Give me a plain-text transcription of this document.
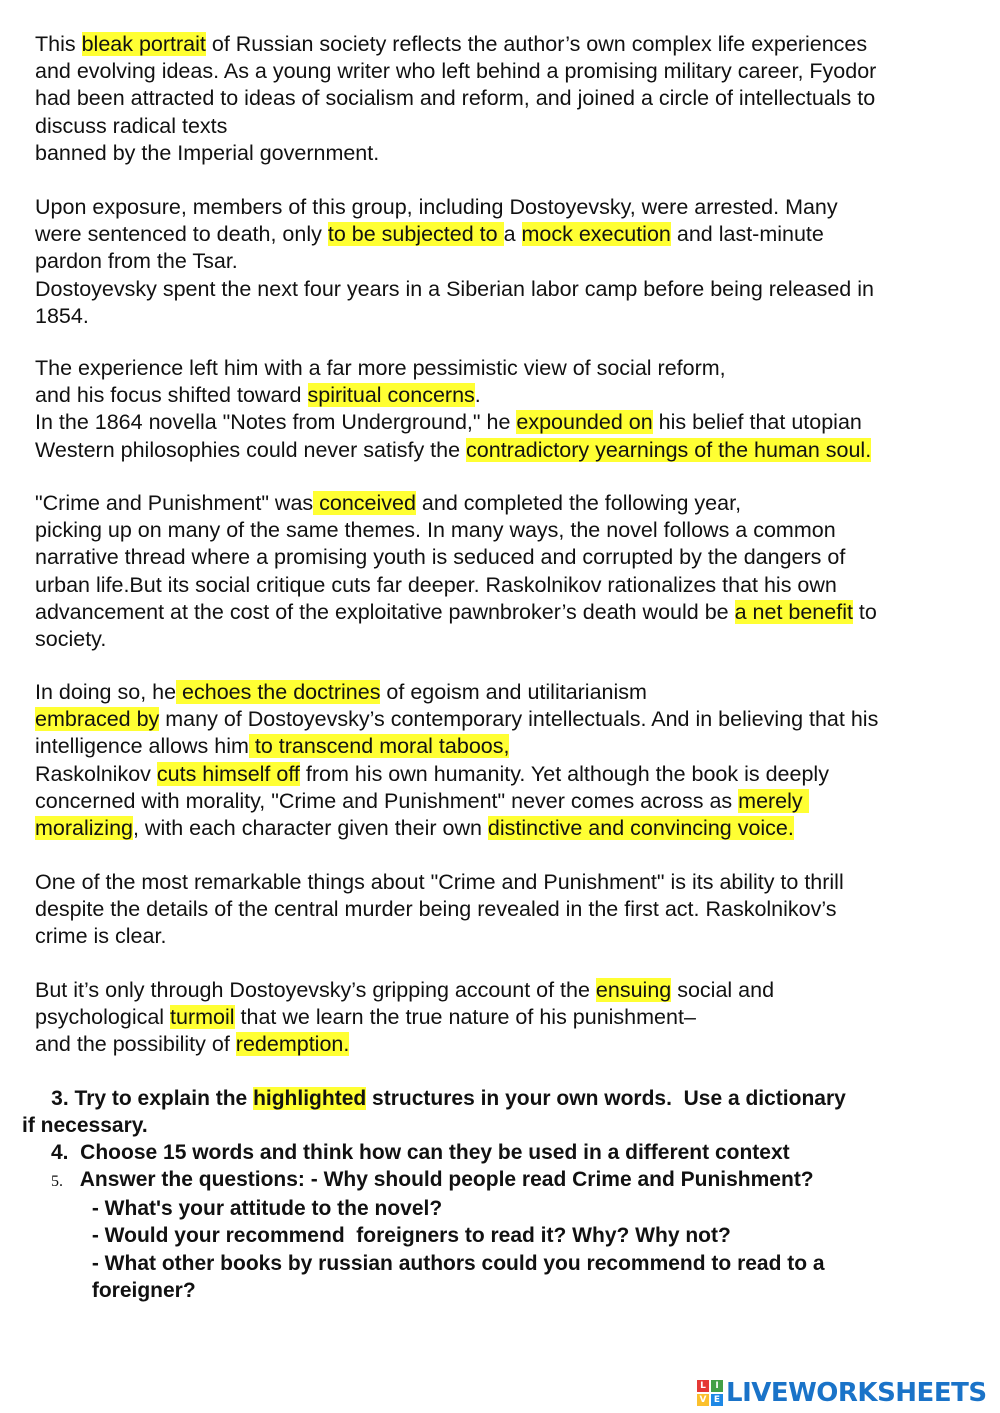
This bleak portrait of Russian society reflects the author’s own complex life experiences
and evolving ideas. As a young writer who left behind a promising military career, Fyodor
had been attracted to ideas of socialism and reform, and joined a circle of intellectuals to
discuss radical texts
banned by the Imperial government.

Upon exposure, members of this group, including Dostoyevsky, were arrested. Many
were sentenced to death, only to be subjected to a mock execution and last-minute
pardon from the Tsar.
Dostoyevsky spent the next four years in a Siberian labor camp before being released in
1854.

The experience left him with a far more pessimistic view of social reform,
and his focus shifted toward spiritual concerns.
In the 1864 novella "Notes from Underground," he expounded on his belief that utopian
Western philosophies could never satisfy the contradictory yearnings of the human soul.

"Crime and Punishment" was conceived and completed the following year,
picking up on many of the same themes. In many ways, the novel follows a common
narrative thread where a promising youth is seduced and corrupted by the dangers of
urban life.But its social critique cuts far deeper. Raskolnikov rationalizes that his own
advancement at the cost of the exploitative pawnbroker’s death would be a net benefit to
society.

In doing so, he echoes the doctrines of egoism and utilitarianism
embraced by many of Dostoyevsky’s contemporary intellectuals. And in believing that his
intelligence allows him to transcend moral taboos,
Raskolnikov cuts himself off from his own humanity. Yet although the book is deeply
concerned with morality, "Crime and Punishment" never comes across as merely
moralizing, with each character given their own distinctive and convincing voice.

One of the most remarkable things about "Crime and Punishment" is its ability to thrill
despite the details of the central murder being revealed in the first act. Raskolnikov’s
crime is clear.

But it’s only through Dostoyevsky’s gripping account of the ensuing social and
psychological turmoil that we learn the true nature of his punishment–
and the possibility of redemption.

3. Try to explain the highlighted structures in your own words.  Use a dictionary
if necessary.
4.  Choose 15 words and think how can they be used in a different context
5.   Answer the questions: - Why should people read Crime and Punishment?
- What's your attitude to the novel?
- Would your recommend  foreigners to read it? Why? Why not?
- What other books by russian authors could you recommend to read to a
foreigner?
L	I
V E LIVEWORKSHEETS
